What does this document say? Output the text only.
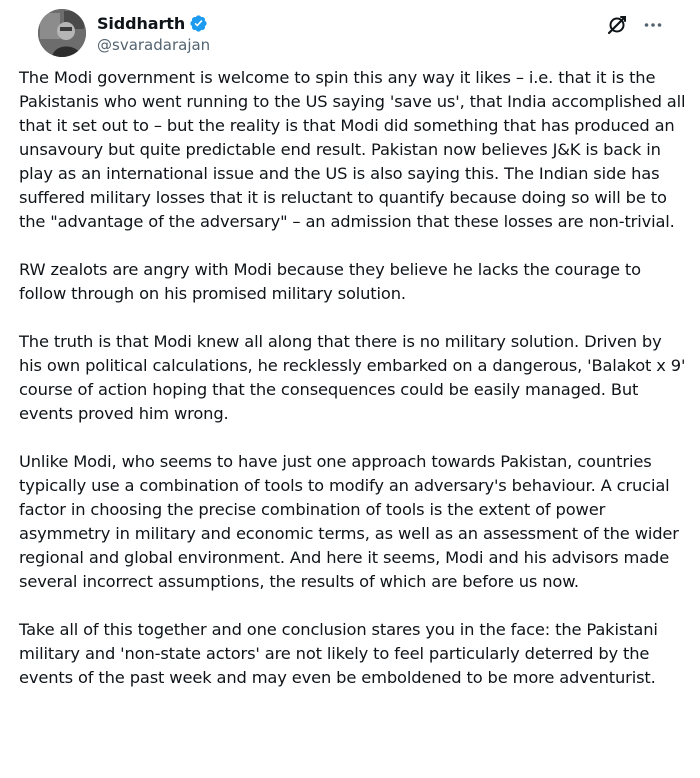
Siddharth
@svaradarajan

The Modi government is welcome to spin this any way it likes – i.e. that it is the Pakistanis who went running to the US saying 'save us', that India accomplished all that it set out to – but the reality is that Modi did something that has produced an unsavoury but quite predictable end result. Pakistan now believes J&K is back in play as an international issue and the US is also saying this. The Indian side has suffered military losses that it is reluctant to quantify because doing so will be to the "advantage of the adversary" – an admission that these losses are non-trivial.

RW zealots are angry with Modi because they believe he lacks the courage to follow through on his promised military solution.

The truth is that Modi knew all along that there is no military solution. Driven by his own political calculations, he recklessly embarked on a dangerous, 'Balakot x 9' course of action hoping that the consequences could be easily managed. But events proved him wrong.

Unlike Modi, who seems to have just one approach towards Pakistan, countries typically use a combination of tools to modify an adversary's behaviour. A crucial factor in choosing the precise combination of tools is the extent of power asymmetry in military and economic terms, as well as an assessment of the wider regional and global environment. And here it seems, Modi and his advisors made several incorrect assumptions, the results of which are before us now.

Take all of this together and one conclusion stares you in the face: the Pakistani military and 'non-state actors' are not likely to feel particularly deterred by the events of the past week and may even be emboldened to be more adventurist.
